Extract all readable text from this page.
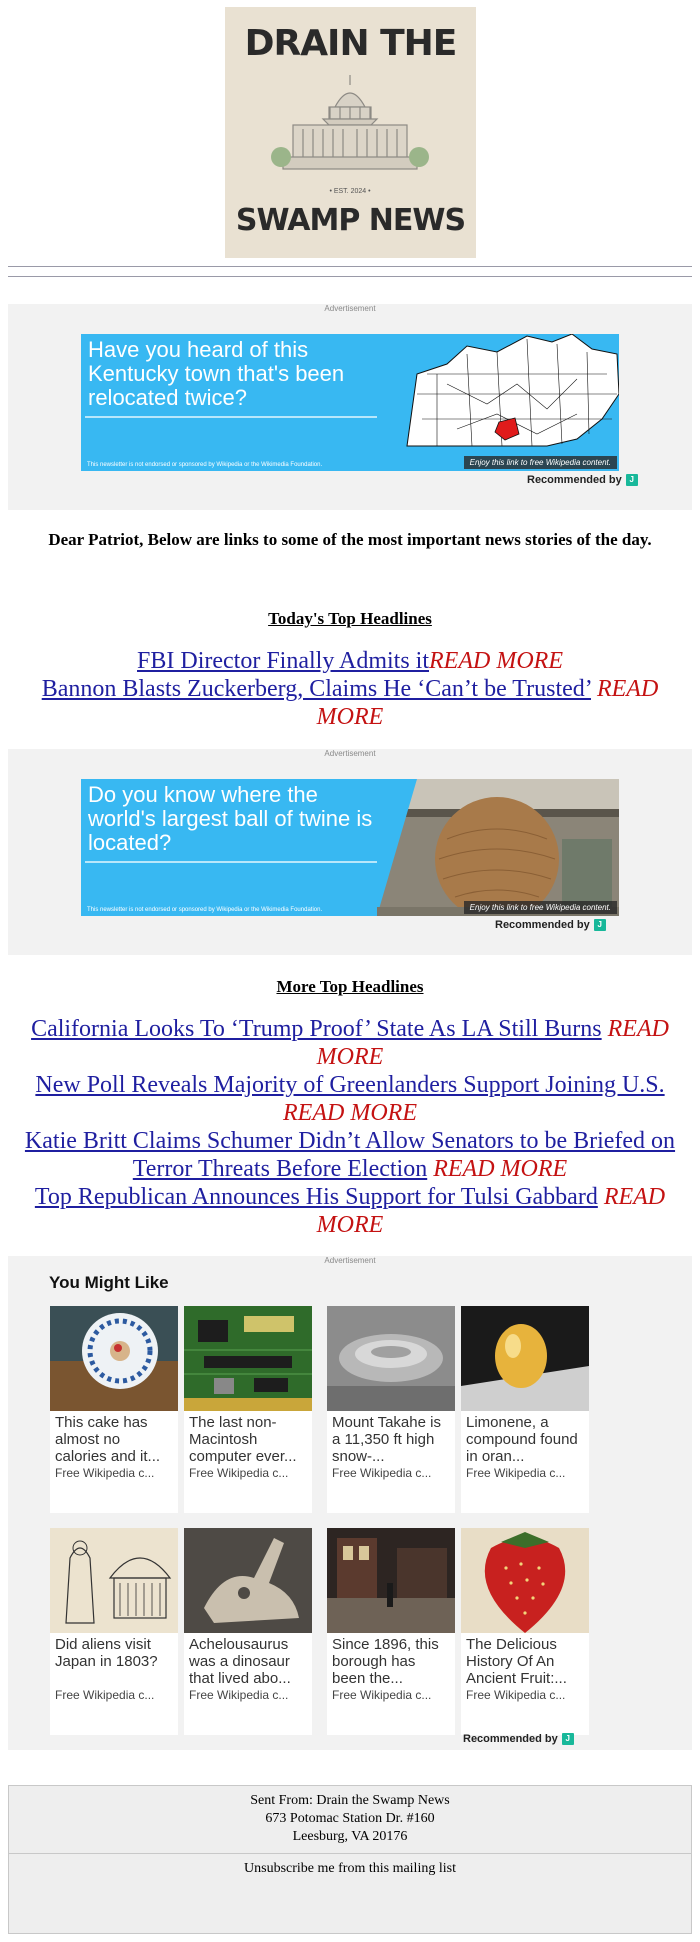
• EST. 2024 •
DRAIN THE
SWAMP NEWS
Advertisement
Have you heard of this Kentucky town that's been relocated twice?
This newsletter is not endorsed or sponsored by Wikipedia or the Wikimedia Foundation.	Enjoy this link to free Wikipedia content.
Recommended by J
Dear Patriot, Below are links to some of the most important news stories of the day.
Today's Top Headlines
FBI Director Finally Admits itREAD MORE
Bannon Blasts Zuckerberg, Claims He ‘Can’t be Trusted’ READ MORE
Advertisement
Do you know where the world's largest ball of twine is located?
This newsletter is not endorsed or sponsored by Wikipedia or the Wikimedia Foundation.	Enjoy this link to free Wikipedia content.
Recommended by J
More Top Headlines
California Looks To ‘Trump Proof’ State As LA Still Burns READ MORE
New Poll Reveals Majority of Greenlanders Support Joining U.S. READ MORE
Katie Britt Claims Schumer Didn’t Allow Senators to be Briefed on Terror Threats Before Election READ MORE
Top Republican Announces His Support for Tulsi Gabbard READ MORE
Advertisement
You Might Like
This cake has almost no calories and it...
Free Wikipedia c...
The last non-Macintosh computer ever...
Free Wikipedia c...
Mount Takahe is a 11,350 ft high snow-...
Free Wikipedia c...
Limonene, a compound found in oran...
Free Wikipedia c...
Did aliens visit Japan in 1803?
Free Wikipedia c...
Achelousaurus was a dinosaur that lived abo...
Free Wikipedia c...
Since 1896, this borough has been the...
Free Wikipedia c...
The Delicious History Of An Ancient Fruit:...
Free Wikipedia c...
Recommended by J
Sent From: Drain the Swamp News
673 Potomac Station Dr. #160
Leesburg, VA 20176
Unsubscribe me from this mailing list
